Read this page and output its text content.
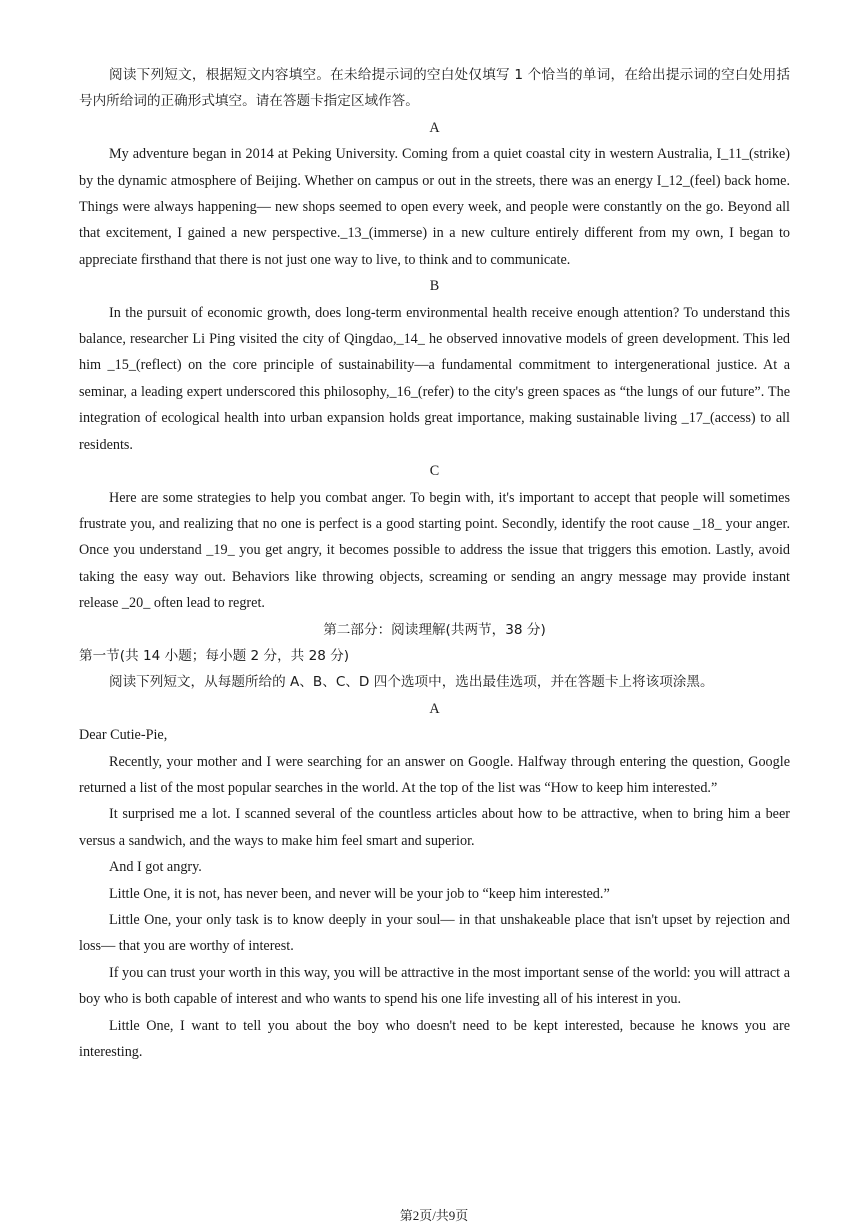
阅读下列短文，根据短文内容填空。在未给提示词的空白处仅填写 1 个恰当的单词，在给出提示词的空白处用括号内所给词的正确形式填空。请在答题卡指定区域作答。

A

My adventure began in 2014 at Peking University. Coming from a quiet coastal city in western Australia, I_11_(strike) by the dynamic atmosphere of Beijing. Whether on campus or out in the streets, there was an energy I_12_(feel) back home. Things were always happening— new shops seemed to open every week, and people were constantly on the go. Beyond all that excitement, I gained a new perspective._13_(immerse) in a new culture entirely different from my own, I began to appreciate firsthand that there is not just one way to live, to think and to communicate.

B

In the pursuit of economic growth, does long-term environmental health receive enough attention? To understand this balance, researcher Li Ping visited the city of Qingdao,_14_ he observed innovative models of green development. This led him _15_(reflect) on the core principle of sustainability—a fundamental commitment to intergenerational justice. At a seminar, a leading expert underscored this philosophy,_16_(refer) to the city's green spaces as “the lungs of our future”. The integration of ecological health into urban expansion holds great importance, making sustainable living _17_(access) to all residents.

C

Here are some strategies to help you combat anger. To begin with, it's important to accept that people will sometimes frustrate you, and realizing that no one is perfect is a good starting point. Secondly, identify the root cause _18_ your anger. Once you understand _19_ you get angry, it becomes possible to address the issue that triggers this emotion. Lastly, avoid taking the easy way out. Behaviors like throwing objects, screaming or sending an angry message may provide instant release _20_ often lead to regret.

第二部分：阅读理解(共两节，38 分)

第一节(共 14 小题；每小题 2 分，共 28 分)

阅读下列短文，从每题所给的 A、B、C、D 四个选项中，选出最佳选项，并在答题卡上将该项涂黑。

A

Dear Cutie-Pie,

Recently, your mother and I were searching for an answer on Google. Halfway through entering the question, Google returned a list of the most popular searches in the world. At the top of the list was “How to keep him interested.”

It surprised me a lot. I scanned several of the countless articles about how to be attractive, when to bring him a beer versus a sandwich, and the ways to make him feel smart and superior.

And I got angry.

Little One, it is not, has never been, and never will be your job to “keep him interested.”

Little One, your only task is to know deeply in your soul— in that unshakeable place that isn't upset by rejection and loss— that you are worthy of interest.

If you can trust your worth in this way, you will be attractive in the most important sense of the world: you will attract a boy who is both capable of interest and who wants to spend his one life investing all of his interest in you.

Little One, I want to tell you about the boy who doesn't need to be kept interested, because he knows you are interesting.

第2页/共9页
